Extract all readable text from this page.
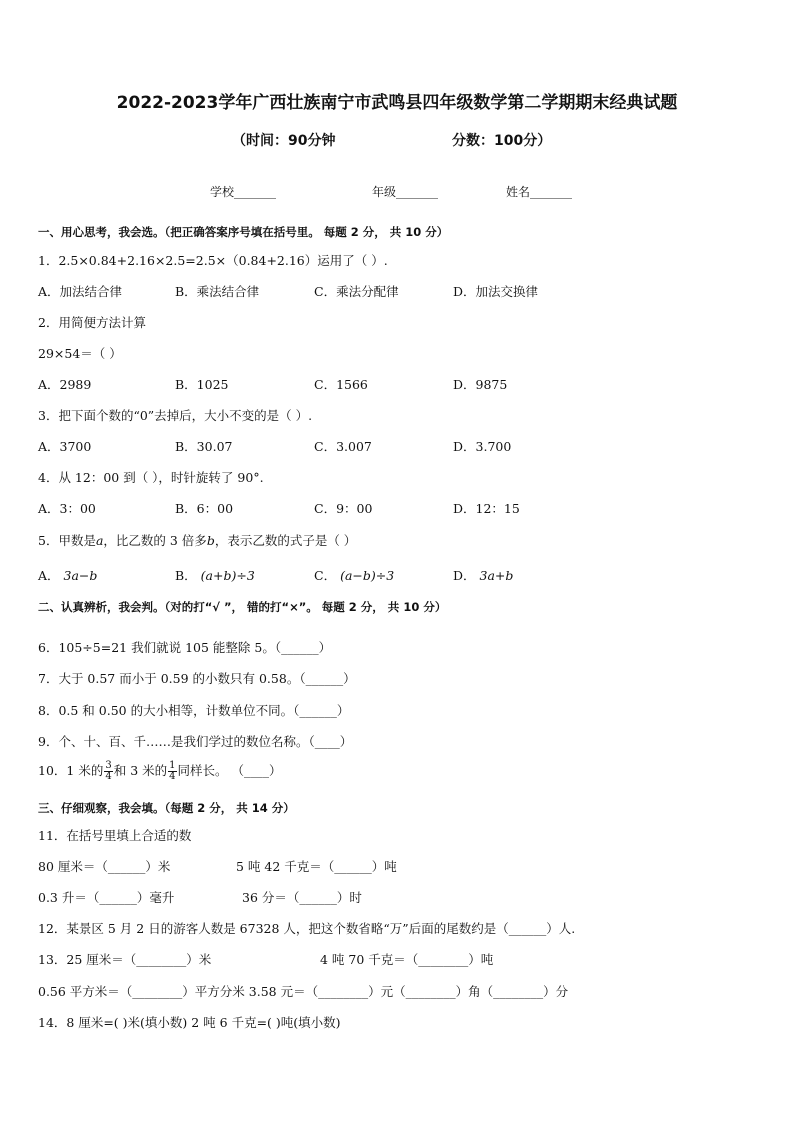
2022-2023学年广西壮族南宁市武鸣县四年级数学第二学期期末经典试题
（时间：90分钟	分数：100分）
学校_______	年级_______	姓名_______
一、用心思考，我会选。（把正确答案序号填在括号里。 每题 2 分， 共 10 分）
1．2.5×0.84+2.16×2.5=2.5×（0.84+2.16）运用了（ ）.
A．加法结合律	B．乘法结合律	C．乘法分配律	D．加法交换律
2．用简便方法计算
29×54＝（ ）
A．2989	B．1025	C．1566	D．9875
3．把下面个数的“0”去掉后，大小不变的是（ ）.
A．3700	B．30.07	C．3.007	D．3.700
4．从 12：00 到（ ），时针旋转了 90°.
A．3：00	B．6：00	C．9：00	D．12：15
5．甲数是a，比乙数的 3 倍多b，表示乙数的式子是（ ）
A． 3a−b	B． (a+b)÷3	C． (a−b)÷3	D． 3a+b
二、认真辨析，我会判。（对的打“√ ”， 错的打“×”。 每题 2 分， 共 10 分）
6．105÷5=21 我们就说 105 能整除 5。（______）
7．大于 0.57 而小于 0.59 的小数只有 0.58。（______）
8．0.5 和 0.50 的大小相等，计数单位不同。（______）
9．个、十、百、千……是我们学过的数位名称。（____）
10．1 米的 $\frac{3}{4}$ 和 3 米的 $\frac{1}{4}$ 同样长。 （____）
三、仔细观察，我会填。（每题 2 分， 共 14 分）
11．在括号里填上合适的数
80 厘米＝（______）米	5 吨 42 千克＝（______）吨
0.3 升＝（______）毫升	36 分＝（______）时
12．某景区 5 月 2 日的游客人数是 67328 人，把这个数省略“万”后面的尾数约是（______）人.
13．25 厘米＝（________）米	4 吨 70 千克＝（________）吨
0.56 平方米＝（________）平方分米 3.58 元＝（________）元（________）角（________）分
14．8 厘米=( )米(填小数) 2 吨 6 千克=( )吨(填小数)
